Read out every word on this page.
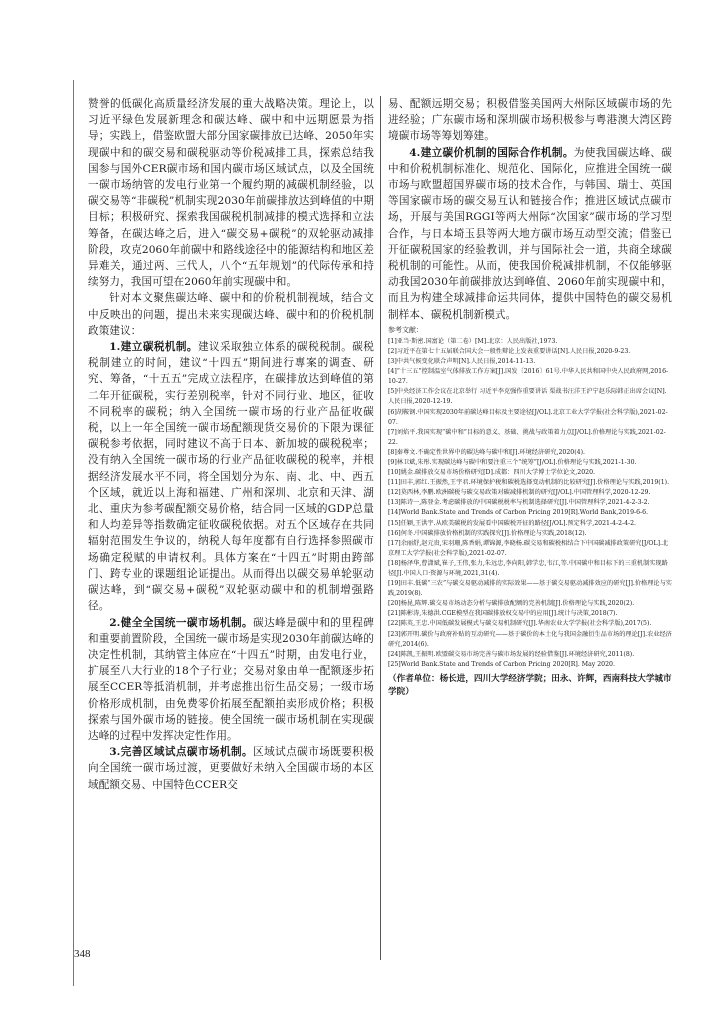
赞誉的低碳化高质量经济发展的重大战略决策。理论上，以习近平绿色发展新理念和碳达峰、碳中和中远期愿景为指导；实践上，借鉴欧盟大部分国家碳排放已达峰、2050年实现碳中和的碳交易和碳税驱动等价税减排工具，探索总结我国参与国外CER碳市场和国内碳市场区域试点，以及全国统一碳市场纳管的发电行业第一个履约期的减碳机制经验，以碳交易等“非碳税”机制实现2030年前碳排放达到峰值的中期目标；积极研究、探索我国碳税机制减排的模式选择和立法筹备，在碳达峰之后，进入“碳交易+碳税”的双轮驱动减排阶段，攻克2060年前碳中和路线途径中的能源结构和地区差异难关，通过两、三代人，八个“五年规划”的代际传承和持续努力，我国可望在2060年前实现碳中和。

针对本文聚焦碳达峰、碳中和的价税机制视域，结合文中反映出的问题，提出未来实现碳达峰、碳中和的价税机制政策建议：

1.建立碳税机制。建议采取独立体系的碳税税制。碳税税制建立的时间，建议“十四五”期间进行專案的调查、研究、筹备，“十五五”完成立法程序，在碳排放达到峰值的第二年开征碳税，实行差别税率，针对不同行业、地区，征收不同税率的碳税；纳入全国统一碳市场的行业产品征收碳税，以上一年全国统一碳市场配额现货交易价的下限为课征碳税参考依据，同时建议不高于日本、新加坡的碳税税率；没有纳入全国统一碳市场的行业产品征收碳税的税率，并根据经济发展水平不同，将全国划分为东、南、北、中、西五个区域，就近以上海和福建、广州和深圳、北京和天津、湖北、重庆为参考碳配额交易价格，结合同一区域的GDP总量和人均差异等指数确定征收碳税依据。对五个区域存在共同辐射范围发生争议的，纳税人每年度都有自行选择参照碳市场确定税赋的申请权利。具体方案在“十四五”时期由跨部门、跨专业的课题组论证提出。从而得出以碳交易单轮驱动碳达峰，到“碳交易+碳税”双轮驱动碳中和的机制增强路径。

2.健全全国统一碳市场机制。碳达峰是碳中和的里程碑和重要前置阶段，全国统一碳市场是实现2030年前碳达峰的决定性机制，其纳管主体应在“十四五”时期，由发电行业，扩展至八大行业的18个子行业；交易对象由单一配额逐步拓展至CCER等抵消机制，并考虑推出衍生品交易；一级市场价格形成机制，由免费零价拓展至配额拍卖形成价格；积极探索与国外碳市场的链接。使全国统一碳市场机制在实现碳达峰的过程中发挥决定性作用。

3.完善区域试点碳市场机制。区域试点碳市场既要积极向全国统一碳市场过渡，更要做好未纳入全国碳市场的本区域配额交易、中国特色CCER交

易、配额远期交易；积极借鉴美国两大州际区域碳市场的先进经验；广东碳市场和深圳碳市场积极参与粤港澳大湾区跨境碳市场等筹划筹建。

4.建立碳价机制的国际合作机制。为使我国碳达峰、碳中和价税机制标准化、规范化、国际化，应推进全国统一碳市场与欧盟超国界碳市场的技术合作，与韩国、瑞士、英国等国家碳市场的碳交易互认和链接合作；推进区域试点碳市场，开展与美国RGGI等两大州际“次国家”碳市场的学习型合作，与日本埼玉县等两大地方碳市场互动型交流；借鉴已开征碳税国家的经验教训，并与国际社会一道，共商全球碳税机制的可能性。从而，使我国价税减排机制，不仅能够驱动我国2030年前碳排放达到峰值、2060年前实现碳中和，而且为构建全球减排命运共同体，提供中国特色的碳交易机制样本、碳税机制新模式。

参考文献：

[1]亚当·斯密.国富论（第二卷）[M].北京：人民出版社,1973.

[2]习近平在第七十五届联合国大会一般性辩论上发表重要讲话[N].人民日报,2020-9-23.

[3]中共气候变化联合声明[N].人民日报,2014-11-13.

[4]“十三五”控制温室气体排放工作方案[J].国发〔2016〕61号.中华人民共和国中央人民政府网,2016-10-27.

[5]中央经济工作会议在北京举行 习近平李克强作重要讲话 栗战书汪洋王沪宁赵乐际韩正出席会议[N].人民日报,2020-12-19.

[6]胡鞍钢.中国实现2030年前碳达峰目标及主要途径[J/OL].北京工业大学学报(社会科学版),2021-02-07.

[7]刘焰平.我国实现“碳中和”目标的意义、基础、挑战与政策着力点[J/OL].价格理论与实践,2021-02-22.

[8]秦尊文.不确定性世界中的碳达峰与碳中和[J].环境经济研究,2020(4).

[9]林卫斌,朱彤.实现碳达峰与碳中和要注重三个“统筹”[J/OL].价格理论与实践,2021-1-30.

[10]姚金.碳排放交易市场价格研究[D].成都：四川大学博士学位论文,2020.

[11]田丰,郭红.王振然,王宇君.环境保护税和碳税选择变动机制的比较研究[J].价格理论与实践,2019(1).

[12]莫西林,李鹏.欧洲碳税与碳交易政策对碳减排机制的研究[J/OL].中国管理科学,2020-12-29.

[13]陈诗一,陈登金.考虑碳排放的中国碳税税率与机制选择研究[J].中国管理科学,2021-4-2-3-2.

[14]World Bank.State and Trends of Carbon Pricing 2019[R].World Bank,2019-6-6.

[15]任颖,王洪宇.从欧美碳税的发展看中国碳税开征的路径[J/OL].预定科学,2021-4-2-4-2.

[16]何冬.中国碳排放价格机制的实践探究[J].价格理论与实践,2018(12).

[17]余丽舒,赵元贵,宋羽珊,陈香娟,谭锦源,李晓杨.碳交易和碳税相结合下中国碳减排政策研究[J/OL].北京理工大学学报(社会科学版),2021-02-07.

[18]杨泽华,曹潇斌,崔子,王伟,张力,朱远忠,李向阳,韩学忠,韦江,等.中国碳中和目标下的三重机制实现路径[J].中国人口·资源与环境,2021,31(4).

[19]田丰.低碳“三农”与碳交易驱动减排的实际效果——基于碳交易驱动减排效应的研究[J].价格理论与实践,2019(8).

[20]杨昆,陈辉.碳交易市场动态分析与碳排放配额的完善机制[J].价格理论与实践,2020(2).

[21]陈彬涛,朱德洪.CGE模型在我国碳排放权交易中的应用[J].统计与决策,2018(7).

[22]陈英,王忠.中国低碳发展模式与碳交易机制研究[J].华南农业大学学报(社会科学版),2017(5).

[23]郭开明.碳价与政府补贴的互动研究——基于碳价的本土化与我国金融衍生品市场的理论[J].农业经济研究,2014(6).

[24]陈凯,王振明.欧盟碳交易市场完善与碳市场发展的经验借鉴[J].环境经济研究,2011(8).

[25]World Bank.State and Trends of Carbon Pricing 2020[R]. May 2020.

（作者单位：杨长进，四川大学经济学院；田永、许辉，西南科技大学城市学院）
348
